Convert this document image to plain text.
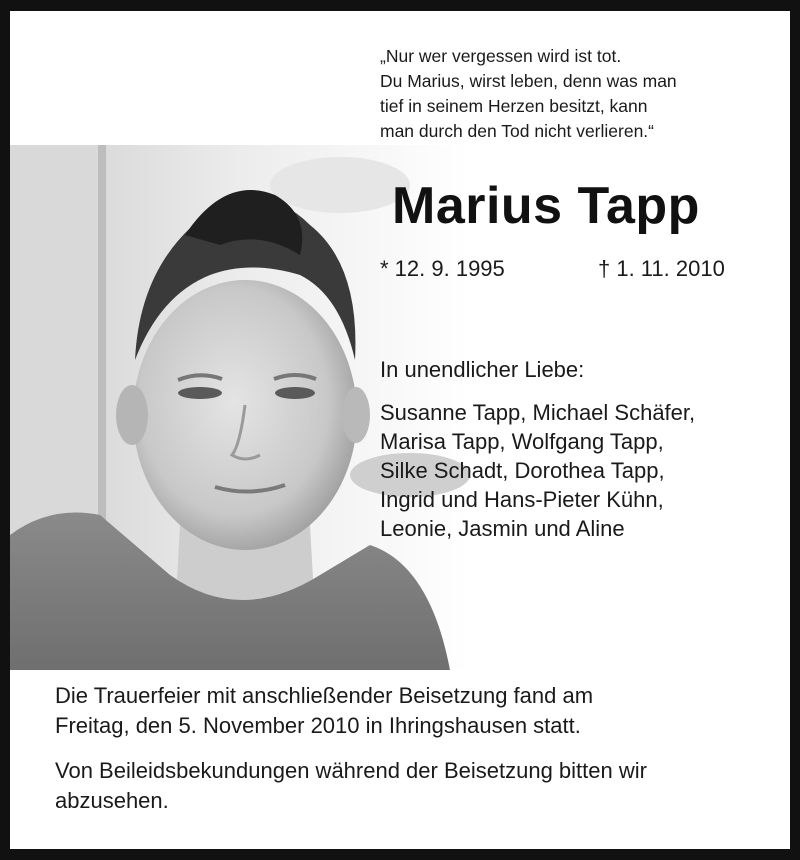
„Nur wer vergessen wird ist tot.
Du Marius, wirst leben, denn was man
tief in seinem Herzen besitzt, kann
man durch den Tod nicht verlieren.“
Marius Tapp
* 12. 9. 1995	† 1. 11. 2010
In unendlicher Liebe:
Susanne Tapp, Michael Schäfer,
Marisa Tapp, Wolfgang Tapp,
Silke Schadt, Dorothea Tapp,
Ingrid und Hans-Pieter Kühn,
Leonie, Jasmin und Aline
Die Trauerfeier mit anschließender Beisetzung fand am
Freitag, den 5. November 2010 in Ihringshausen statt.
Von Beileidsbekundungen während der Beisetzung bitten wir
abzusehen.
